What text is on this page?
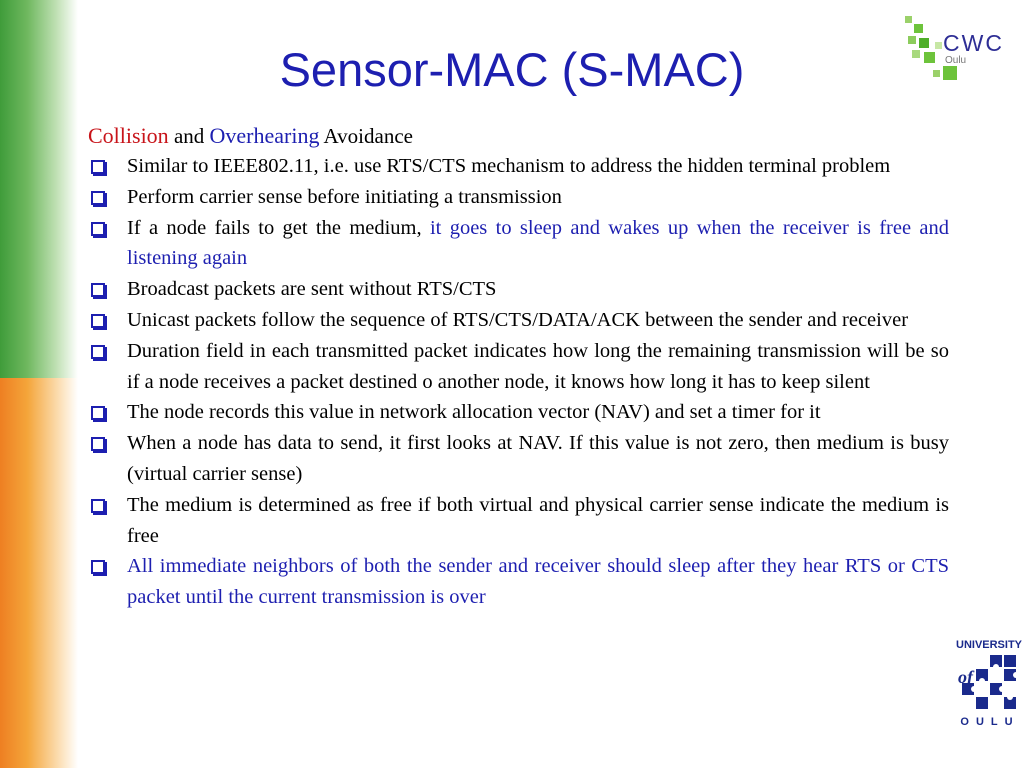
CWC
Oulu
Sensor-MAC (S-MAC)
Collision and Overhearing Avoidance
Similar to IEEE802.11, i.e. use RTS/CTS mechanism to address the hidden terminal problem
Perform carrier sense before initiating a transmission
If a node fails to get the medium, it goes to sleep and wakes up when the receiver is free and listening again
Broadcast packets are sent without RTS/CTS
Unicast packets follow the sequence of RTS/CTS/DATA/ACK between the sender and receiver
Duration field in each transmitted packet indicates how long the remaining transmission will be so if a node receives a packet destined o another node, it knows how long it has to keep silent
The node records this value in network allocation vector (NAV) and set a timer for it
When a node has data to send, it first looks at NAV. If this value is not zero, then medium is busy (virtual carrier sense)
The medium is determined as free if both virtual and physical carrier sense indicate the medium is free
All immediate neighbors of both the sender and receiver should sleep after they hear RTS or CTS packet until the current transmission is over
UNIVERSITY
of
OULU
